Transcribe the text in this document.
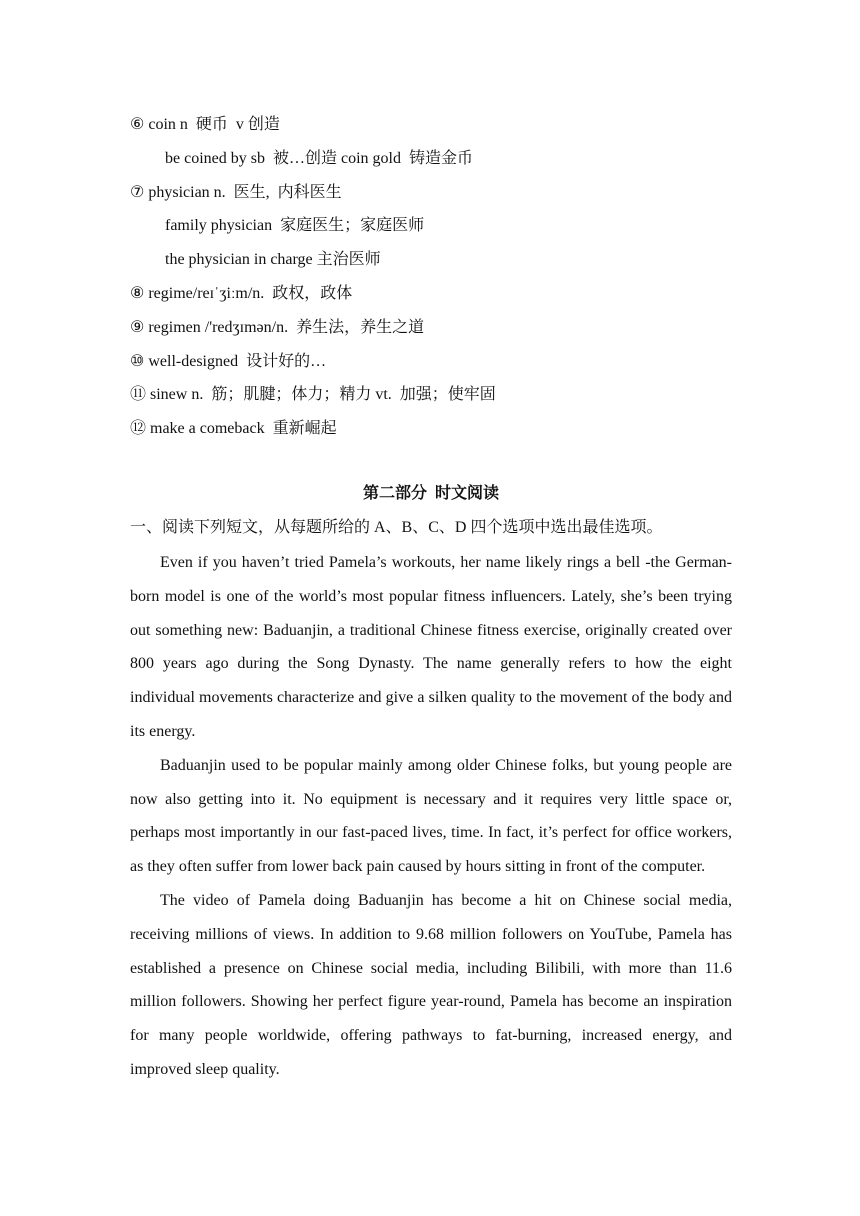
⑥ coin n  硬币  v 创造
be coined by sb  被…创造 coin gold  铸造金币
⑦ physician n.  医生,  内科医生
family physician  家庭医生；家庭医师
the physician in charge 主治医师
⑧ regime/reɪˈʒiːm/n.  政权，政体
⑨ regimen /'redʒɪmən/n.  养生法，养生之道
⑩ well-designed  设计好的…
⑪ sinew n.  筋；肌腱；体力；精力 vt.  加强；使牢固
⑫ make a comeback  重新崛起
第二部分  时文阅读
一、阅读下列短文，从每题所给的 A、B、C、D 四个选项中选出最佳选项。

Even if you haven’t tried Pamela’s workouts, her name likely rings a bell -the German-born model is one of the world’s most popular fitness influencers. Lately, she’s been trying out something new: Baduanjin, a traditional Chinese fitness exercise, originally created over 800 years ago during the Song Dynasty. The name generally refers to how the eight individual movements characterize and give a silken quality to the movement of the body and its energy.

Baduanjin used to be popular mainly among older Chinese folks, but young people are now also getting into it. No equipment is necessary and it requires very little space or, perhaps most importantly in our fast-paced lives, time. In fact, it’s perfect for office workers, as they often suffer from lower back pain caused by hours sitting in front of the computer.

The video of Pamela doing Baduanjin has become a hit on Chinese social media, receiving millions of views. In addition to 9.68 million followers on YouTube, Pamela has established a presence on Chinese social media, including Bilibili, with more than 11.6 million followers. Showing her perfect figure year-round, Pamela has become an inspiration for many people worldwide, offering pathways to fat-burning, increased energy, and improved sleep quality.
